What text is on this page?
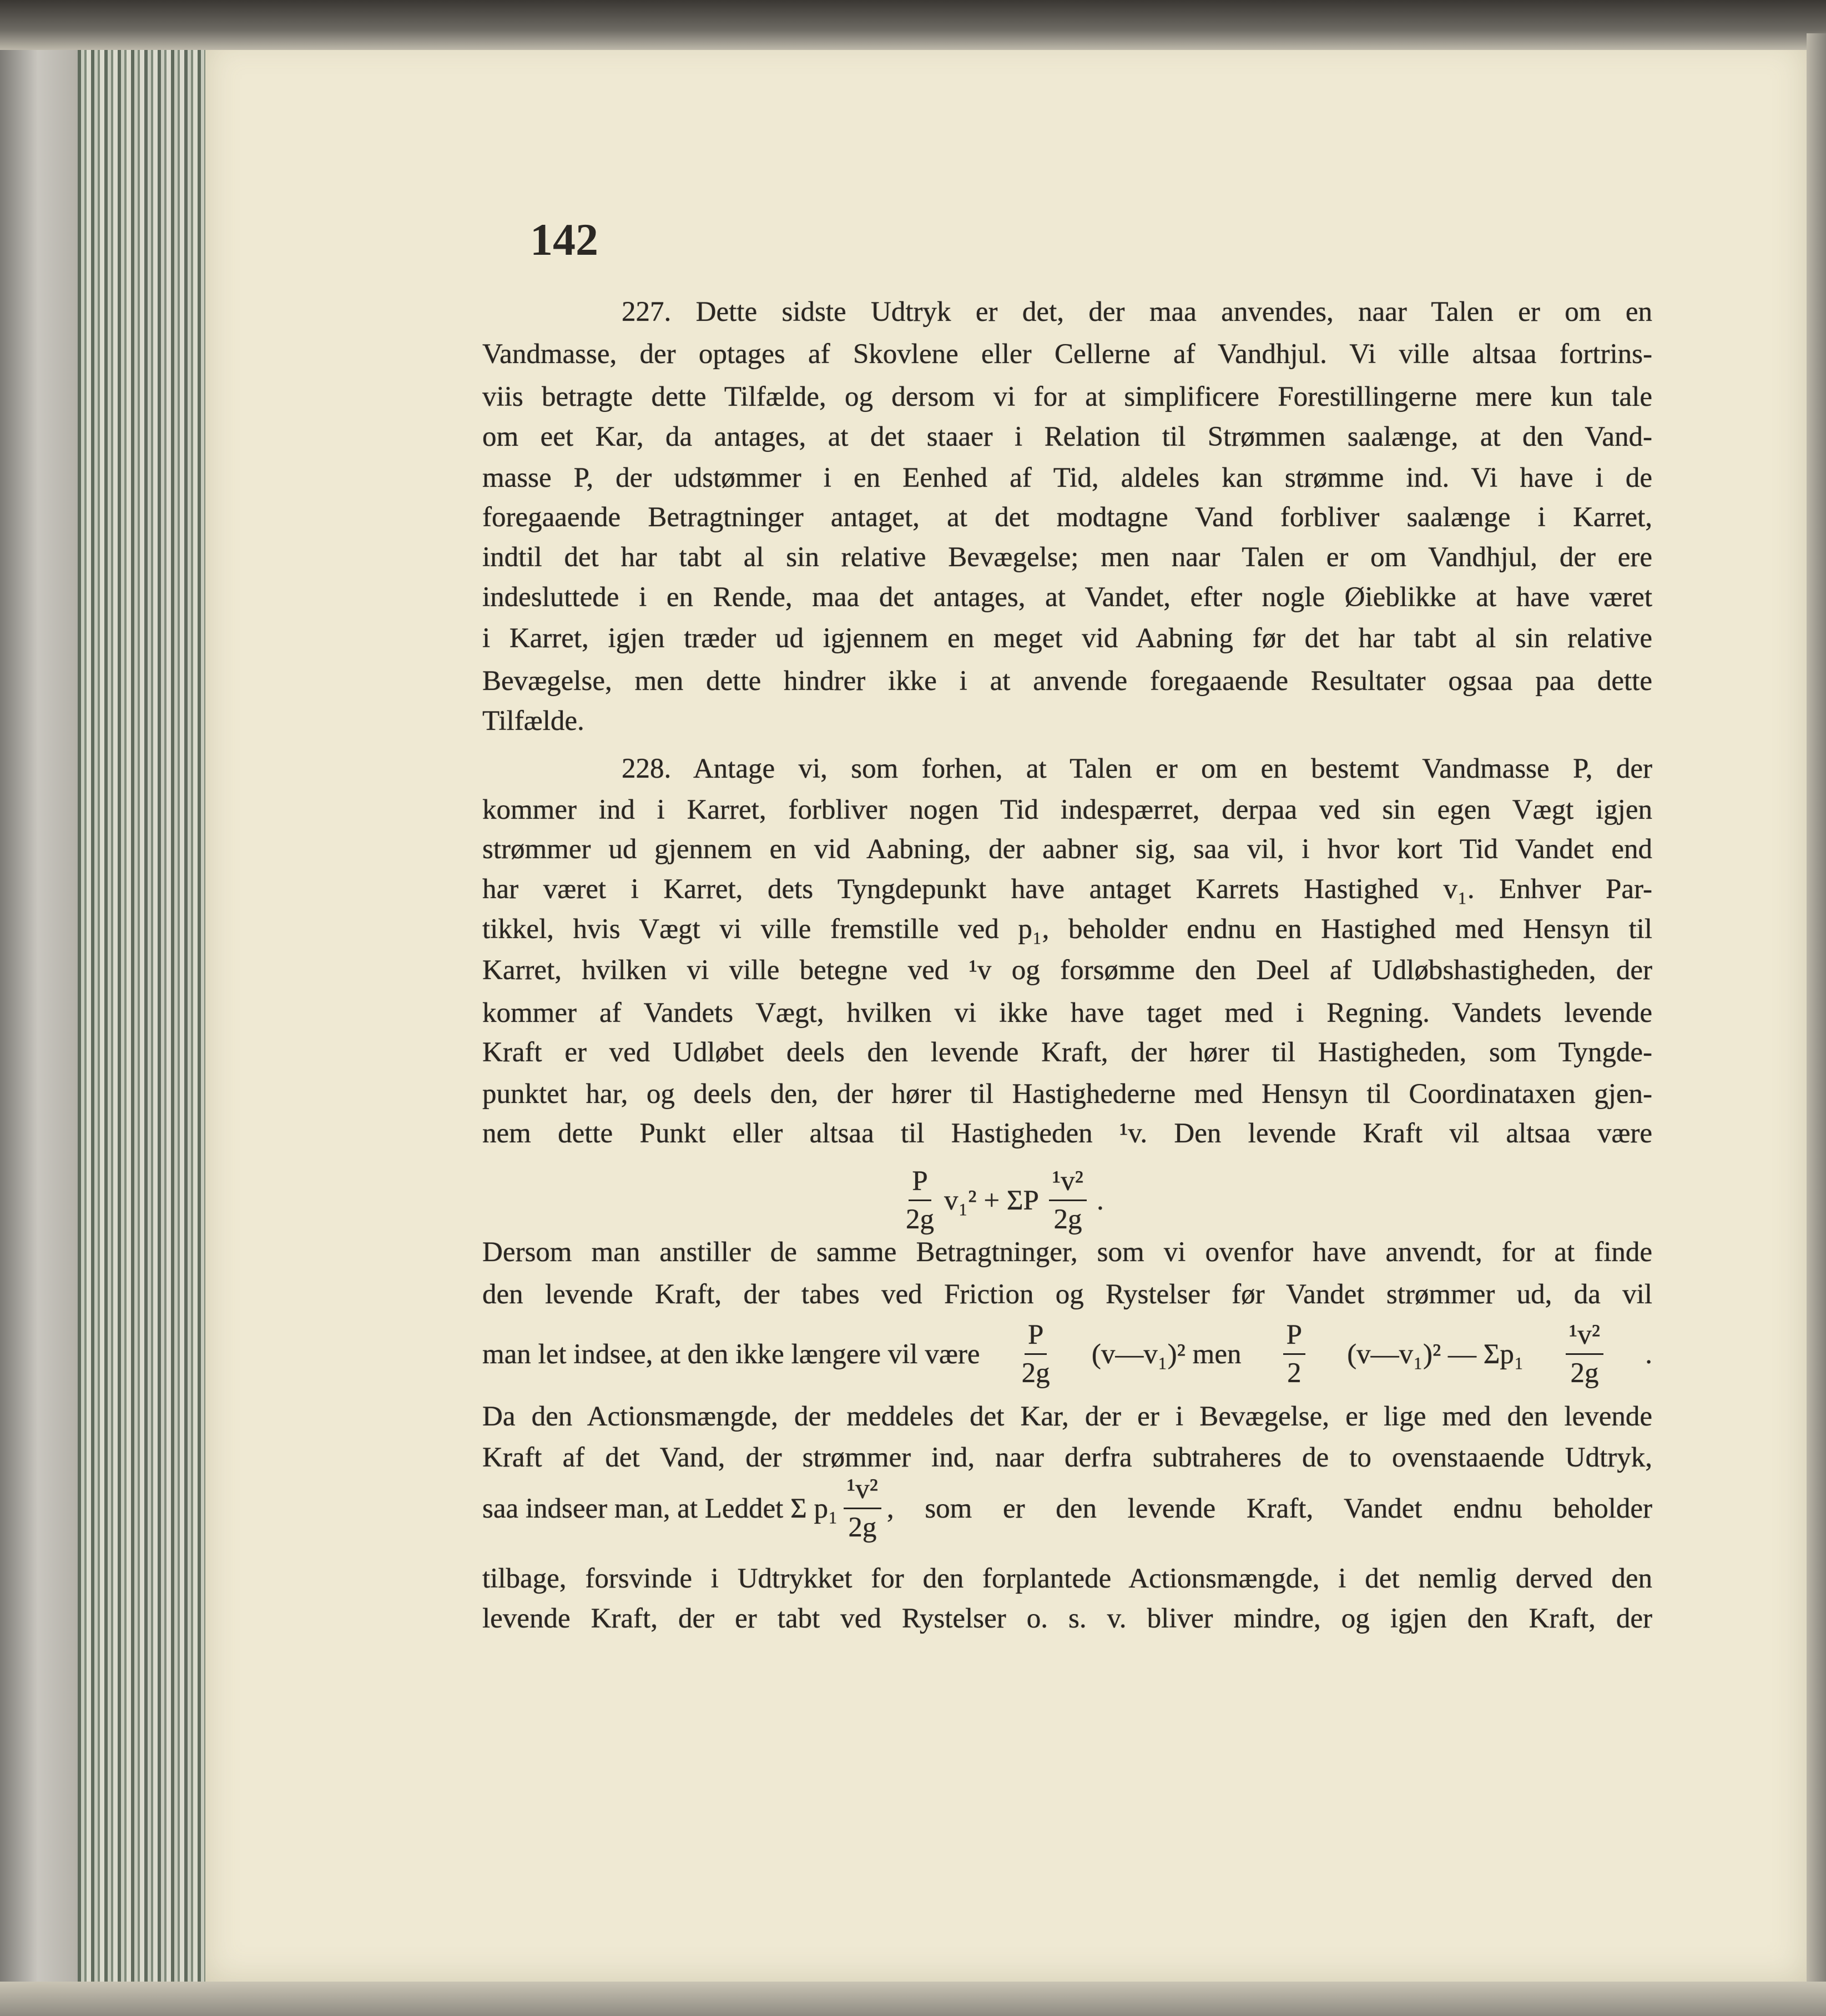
142
227. Dette sidste Udtryk er det, der maa anvendes, naar Talen er om en
Vandmasse, der optages af Skovlene eller Cellerne af Vandhjul. Vi ville altsaa fortrins-
viis betragte dette Tilfælde, og dersom vi for at simplificere Forestillingerne mere kun tale
om eet Kar, da antages, at det staaer i Relation til Strømmen saalænge, at den Vand-
masse P, der udstømmer i en Eenhed af Tid, aldeles kan strømme ind. Vi have i de
foregaaende Betragtninger antaget, at det modtagne Vand forbliver saalænge i Karret,
indtil det har tabt al sin relative Bevægelse; men naar Talen er om Vandhjul, der ere
indesluttede i en Rende, maa det antages, at Vandet, efter nogle Øieblikke at have været
i Karret, igjen træder ud igjennem en meget vid Aabning før det har tabt al sin relative
Bevægelse, men dette hindrer ikke i at anvende foregaaende Resultater ogsaa paa dette
Tilfælde.
228. Antage vi, som forhen, at Talen er om en bestemt Vandmasse P, der
kommer ind i Karret, forbliver nogen Tid indespærret, derpaa ved sin egen Vægt igjen
strømmer ud gjennem en vid Aabning, der aabner sig, saa vil, i hvor kort Tid Vandet end
har været i Karret, dets Tyngdepunkt have antaget Karrets Hastighed v₁. Enhver Par-
tikkel, hvis Vægt vi ville fremstille ved p₁, beholder endnu en Hastighed med Hensyn til
Karret, hvilken vi ville betegne ved ¹v og forsømme den Deel af Udløbshastigheden, der
kommer af Vandets Vægt, hvilken vi ikke have taget med i Regning. Vandets levende
Kraft er ved Udløbet deels den levende Kraft, der hører til Hastigheden, som Tyngde-
punktet har, og deels den, der hører til Hastighederne med Hensyn til Coordinataxen gjen-
nem dette Punkt eller altsaa til Hastigheden ¹v. Den levende Kraft vil altsaa være
$\frac{P}{2g} v_1^2 + \Sigma P \frac{\text{¹v²}}{2g}$ .
Dersom man anstiller de samme Betragtninger, som vi ovenfor have anvendt, for at finde
den levende Kraft, der tabes ved Friction og Rystelser før Vandet strømmer ud, da vil
man let indsee, at den ikke længere vil være $\frac{P}{2g}$ (v—v₁)² men $\frac{P}{2}$ (v—v₁)² — $\Sigma p_1 \frac{\text{¹v²}}{2g}$ .
Da den Actionsmængde, der meddeles det Kar, der er i Bevægelse, er lige med den levende
Kraft af det Vand, der strømmer ind, naar derfra subtraheres de to ovenstaaende Udtryk,
saa indseer man, at Leddet Σ $p_1 \frac{\text{¹v²}}{2g}$ , som er den levende Kraft, Vandet endnu beholder
tilbage, forsvinde i Udtrykket for den forplantede Actionsmængde, i det nemlig derved den
levende Kraft, der er tabt ved Rystelser o. s. v. bliver mindre, og igjen den Kraft, der
